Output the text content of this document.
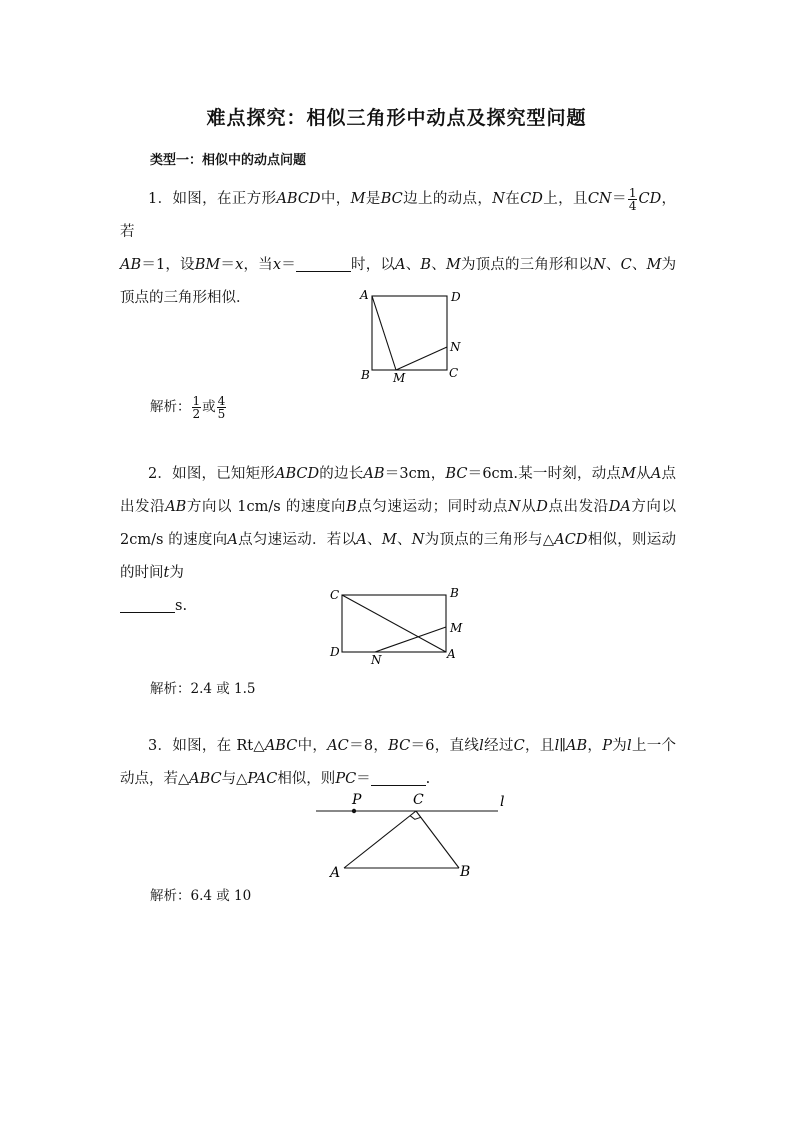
难点探究：相似三角形中动点及探究型问题
类型一：相似中的动点问题
1．如图，在正方形ABCD中，M是BC边上的动点，N在CD上，且$CN= \frac{1}{4}$ CD，若
AB＝1，设BM＝x，当x＝	时，以A、B、M为顶点的三角形和以N、C、M为顶点的三角形相似．	A	D
N
B M	C
解析： $\frac{1}{2}$ 或 $\frac{4}{5}$
2．如图，已知矩形ABCD的边长AB＝3cm，BC＝6cm.某一时刻，动点M从A点出发沿AB方向以 1cm/s 的速度向B点匀速运动；同时动点N从D点出发沿DA方向以 2cm/s 的速度向A点匀速运动．若以A、M、N为顶点的三角形与△ACD相似，则运动的时间t为
s.
C	B
M
D
N	A
解析：2.4 或 1.5
3．如图，在 Rt△ABC中，AC＝8，BC＝6，直线l经过C，且l∥AB，P为l上一个动点，若△ABC与△PAC相似，则PC＝	.
P	C	l
A	B
解析：6.4 或 10
